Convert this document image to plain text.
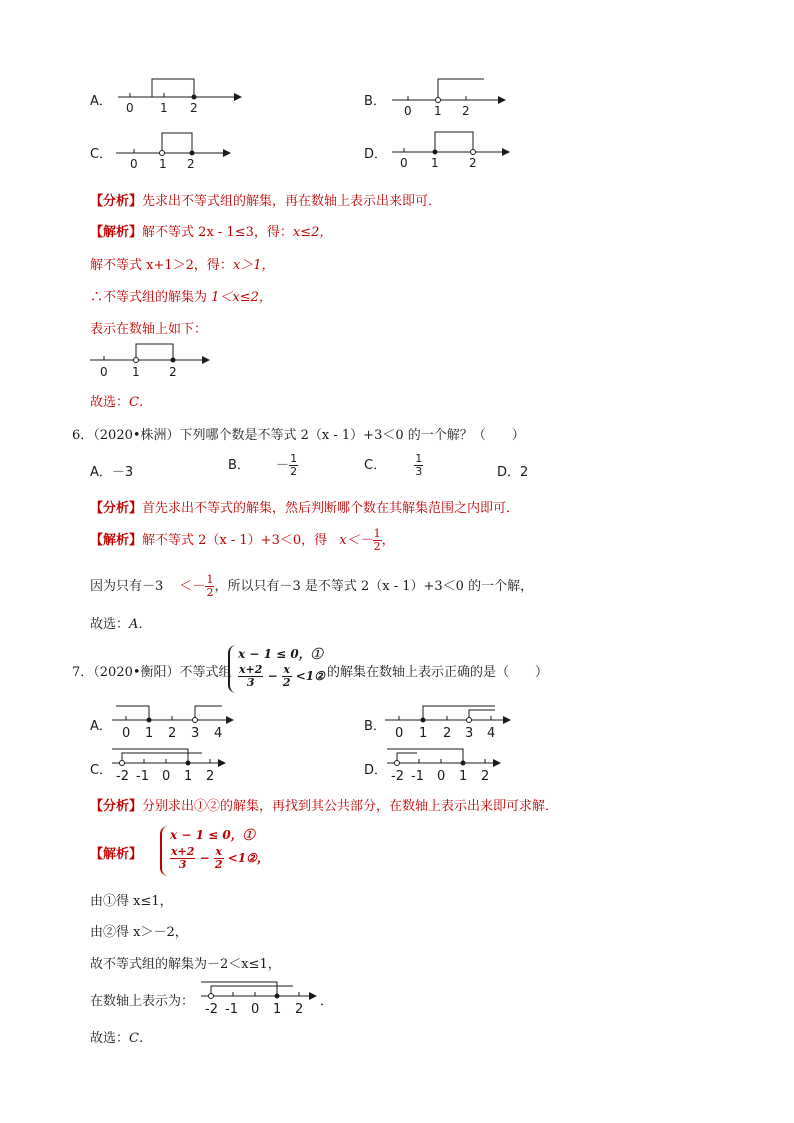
A． 0 1 2	B．
0 1 2
C．
0 1 2
D．
0 1	2
【分析】先求出不等式组的解集，再在数轴上表示出来即可．
【解析】解不等式 2x - 1≤3，得：x≤2，
解不等式 x+1＞2，得：x＞1，
∴不等式组的解集为 1＜x≤2，
表示在数轴上如下：
0 1 2
故选：C．
6．（2020•株洲）下列哪个数是不等式 2（x - 1）+3＜0 的一个解？（　　）
A．－3	B． － $\frac{1}{2}$	C．	$\frac{1}{3}$	D．2
【分析】首先求出不等式的解集，然后判断哪个数在其解集范围之内即可．
【解析】解不等式 2（x - 1）+3＜0，得 $x<- \frac{1}{2}$ ，
因为只有$-3 <- \frac{1}{2}$ ，所以只有－3 是不等式 2（x - 1）+3＜0 的一个解，
故选：A．
7．（2020•衡阳）不等式组
x − 1 ≤ 0，①
$\frac{x+2}{3} - \frac{x}{2}$ <1② 的解集在数轴上表示正确的是（　　）
A． 0 1 2 3 4	B． 0 1 2 3 4
C． -2 -1 0 1 2	D． -2 -1 0 1 2
【分析】分别求出①②的解集，再找到其公共部分，在数轴上表示出来即可求解．
【解析】
x − 1 ≤ 0，①
$\frac{x+2}{3} - \frac{x}{2}$ <1②，
由①得 x≤1，
由②得 x＞－2，
故不等式组的解集为－2＜x≤1，
在数轴上表示为：
-2 -1 0 1 2
．
故选：C．
